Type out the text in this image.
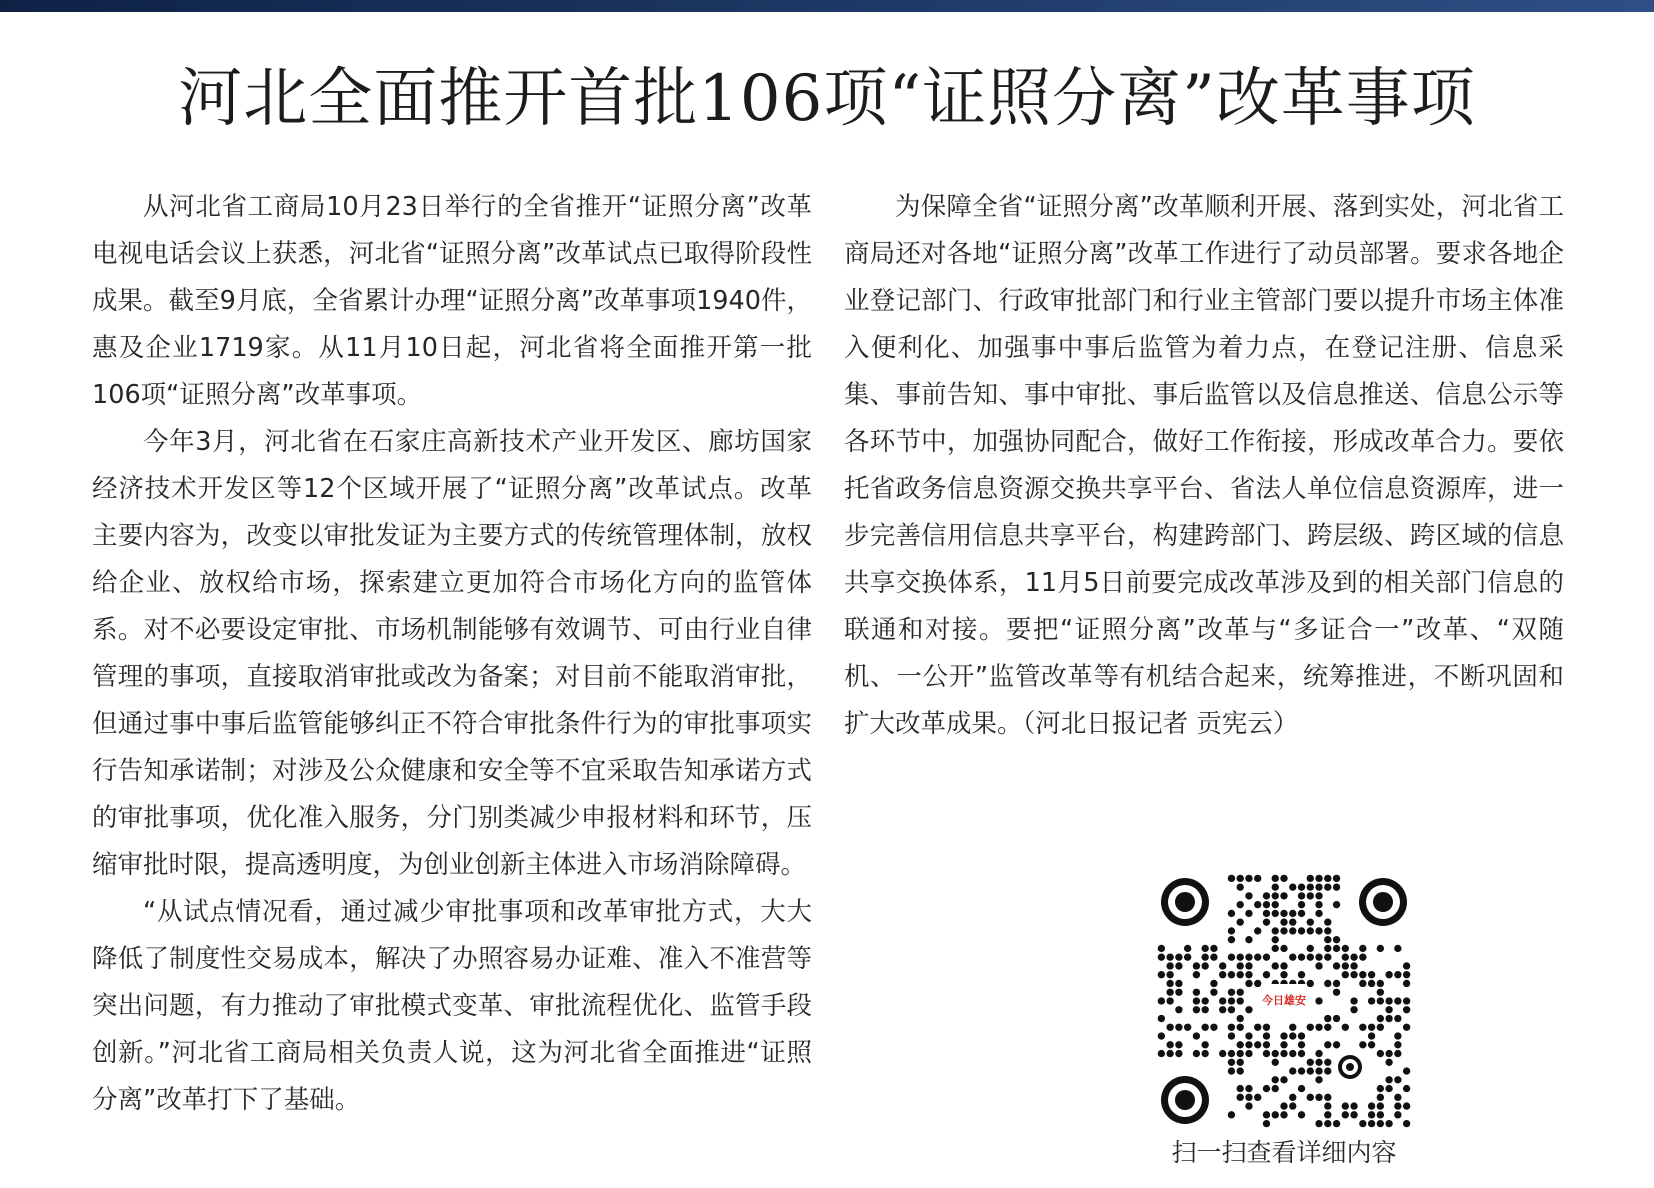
河北全面推开首批106项“证照分离”改革事项

从河北省工商局10月23日举行的全省推开“证照分离”改革电视电话会议上获悉，河北省“证照分离”改革试点已取得阶段性成果。截至9月底，全省累计办理“证照分离”改革事项1940件，惠及企业1719家。从11月10日起，河北省将全面推开第一批106项“证照分离”改革事项。

今年3月，河北省在石家庄高新技术产业开发区、廊坊国家经济技术开发区等12个区域开展了“证照分离”改革试点。改革主要内容为，改变以审批发证为主要方式的传统管理体制，放权给企业、放权给市场，探索建立更加符合市场化方向的监管体系。对不必要设定审批、市场机制能够有效调节、可由行业自律管理的事项，直接取消审批或改为备案；对目前不能取消审批，但通过事中事后监管能够纠正不符合审批条件行为的审批事项实行告知承诺制；对涉及公众健康和安全等不宜采取告知承诺方式的审批事项，优化准入服务，分门别类减少申报材料和环节，压缩审批时限，提高透明度，为创业创新主体进入市场消除障碍。

“从试点情况看，通过减少审批事项和改革审批方式，大大降低了制度性交易成本，解决了办照容易办证难、准入不准营等突出问题，有力推动了审批模式变革、审批流程优化、监管手段创新。”河北省工商局相关负责人说，这为河北省全面推进“证照分离”改革打下了基础。

为保障全省“证照分离”改革顺利开展、落到实处，河北省工商局还对各地“证照分离”改革工作进行了动员部署。要求各地企业登记部门、行政审批部门和行业主管部门要以提升市场主体准入便利化、加强事中事后监管为着力点，在登记注册、信息采集、事前告知、事中审批、事后监管以及信息推送、信息公示等各环节中，加强协同配合，做好工作衔接，形成改革合力。要依托省政务信息资源交换共享平台、省法人单位信息资源库，进一步完善信用信息共享平台，构建跨部门、跨层级、跨区域的信息共享交换体系，11月5日前要完成改革涉及到的相关部门信息的联通和对接。要把“证照分离”改革与“多证合一”改革、“双随机、一公开”监管改革等有机结合起来，统筹推进，不断巩固和扩大改革成果。（河北日报记者 贡宪云）

今日雄安
扫一扫查看详细内容
